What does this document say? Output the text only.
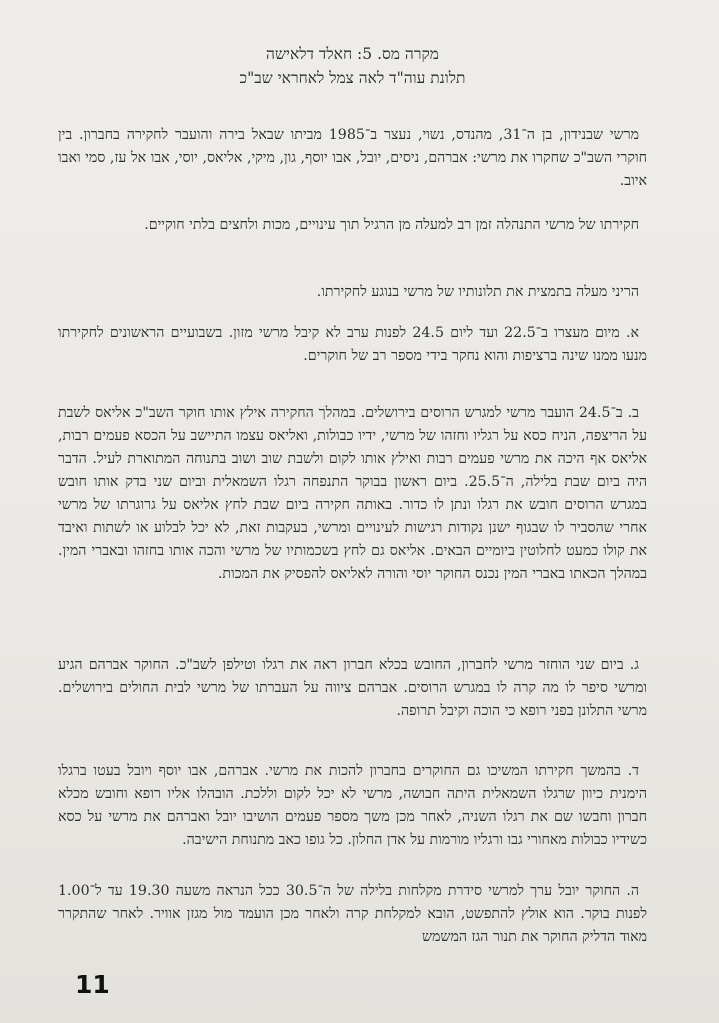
מקרה מס. 5: חאלד דלאישה
תלונת עוה"ד לאה צמל לאחראי שב"כ

מרשי שבנידון, בן ה־31, מהנדס, נשוי, נעצר ב־1985 מביתו שבאל בירה והועבר לחקירה בחברון. בין חוקרי השב"כ שחקרו את מרשי: אברהם, ניסים, יובל, אבו יוסף, גון, מיקי, אליאס, יוסי, אבו אל עז, סמי ואבו איוב.

חקירתו של מרשי התנהלה זמן רב למעלה מן הרגיל תוך עינויים, מכות ולחצים בלתי חוקיים.

הריני מעלה בתמצית את תלונותיו של מרשי בנוגע לחקירתו.

א. מיום מעצרו ב־22.5 ועד ליום 24.5 לפנות ערב לא קיבל מרשי מזון. בשבועיים הראשונים לחקירתו מנעו ממנו שינה ברציפות והוא נחקר בידי מספר רב של חוקרים.

ב. ב־24.5 הועבר מרשי למגרש הרוסים בירושלים. במהלך החקירה אילץ אותו חוקר השב"כ אליאס לשבת על הריצפה, הניח כסא על רגליו וחזהו של מרשי, ידיו כבולות, ואליאס עצמו התיישב על הכסא פעמים רבות, אליאס אף היכה את מרשי פעמים רבות ואילץ אותו לקום ולשבת שוב ושוב בתנוחה המתוארת לעיל. הדבר היה ביום שבת בלילה, ה־25.5. ביום ראשון בבוקר התנפחה רגלו השמאלית וביום שני בדק אותו חובש במגרש הרוסים חובש את רגלו ונתן לו כדור. באותה חקירה ביום שבת לחץ אליאס על גרוגרתו של מרשי אחרי שהסביר לו שבגוף ישנן נקודות רגישות לעינויים ומרשי, בעקבות זאת, לא יכל לבלוע או לשתות ואיבד את קולו כמעט לחלוטין ביומיים הבאים. אליאס גם לחץ בשכמותיו של מרשי והכה אותו בחזהו ובאברי המין. במהלך הכאתו באברי המין נכנס החוקר יוסי והורה לאליאס להפסיק את המכות.

ג. ביום שני הוחזר מרשי לחברון, החובש בכלא חברון ראה את רגלו וטילפן לשב"כ. החוקר אברהם הגיע ומרשי סיפר לו מה קרה לו במגרש הרוסים. אברהם ציווה על העברתו של מרשי לבית החולים בירושלים. מרשי התלונן בפני רופא כי הוכה וקיבל תרופה.

ד. בהמשך חקירתו המשיכו גם החוקרים בחברון להכות את מרשי. אברהם, אבו יוסף ויובל בעטו ברגלו הימנית כיוון שרגלו השמאלית היתה חבושה, מרשי לא יכל לקום וללכת. הובהלו אליו רופא וחובש מכלא חברון וחבשו שם את רגלו השניה, לאחר מכן משך מספר פעמים הושיבו יובל ואברהם את מרשי על כסא כשידיו כבולות מאחורי גבו ורגליו מורמות על אדן החלון. כל גופו כאב מתנוחת הישיבה.

ה. החוקר יובל ערך למרשי סידרת מקלחות בלילה של ה־30.5 ככל הנראה משעה 19.30 עד ל־1.00 לפנות בוקר. הוא אולץ להתפשט, הובא למקלחת קרה ולאחר מכן הועמד מול מגזן אוויר. לאחר שהתקרר מאוד הדליק החוקר את תנור הגז המשמש

11
